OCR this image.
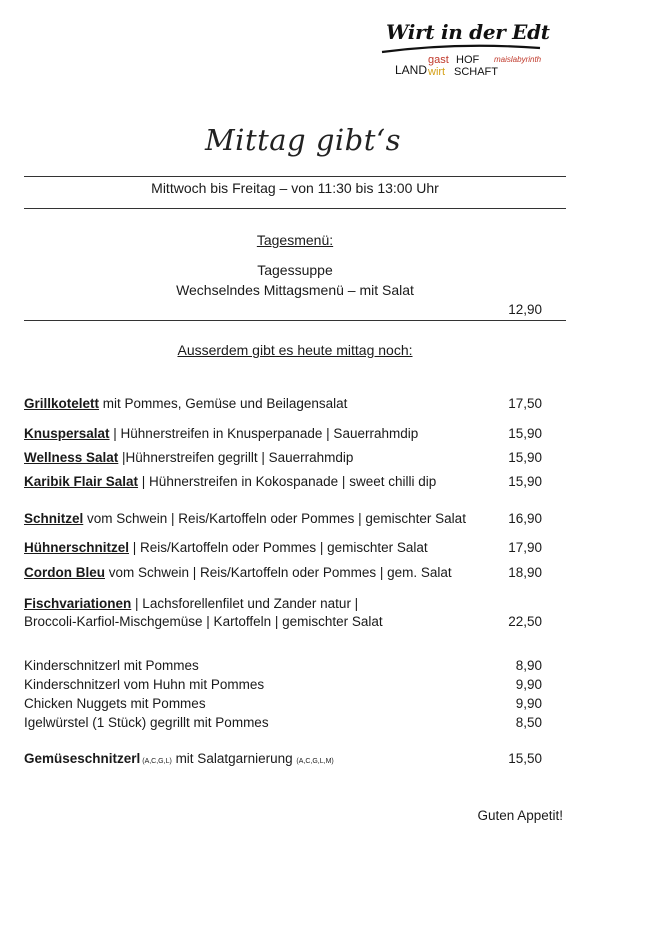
Wirt in der Edt
gast HOF maislabyrinth
LAND wirt SCHAFT
Mittag gibt‘s
Mittwoch bis Freitag – von 11:30 bis 13:00 Uhr
Tagesmenü:
Tagessuppe
Wechselndes Mittagsmenü – mit Salat
12,90
Ausserdem gibt es heute mittag noch:
Grillkotelett mit Pommes, Gemüse und Beilagensalat	17,50
Knuspersalat | Hühnerstreifen in Knusperpanade | Sauerrahmdip	15,90
Wellness Salat |Hühnerstreifen gegrillt | Sauerrahmdip	15,90
Karibik Flair Salat | Hühnerstreifen in Kokospanade | sweet chilli dip	15,90
Schnitzel vom Schwein | Reis/Kartoffeln oder Pommes | gemischter Salat	16,90
Hühnerschnitzel | Reis/Kartoffeln oder Pommes | gemischter Salat	17,90
Cordon Bleu vom Schwein | Reis/Kartoffeln oder Pommes | gem. Salat	18,90
Fischvariationen | Lachsforellenfilet und Zander natur |
Broccoli-Karfiol-Mischgemüse | Kartoffeln | gemischter Salat	22,50
Kinderschnitzerl mit Pommes	8,90
Kinderschnitzerl vom Huhn mit Pommes	9,90
Chicken Nuggets mit Pommes	9,90
Igelwürstel (1 Stück) gegrillt mit Pommes	8,50
Gemüseschnitzerl (A,C,G,L) mit Salatgarnierung (A,C,G,L,M)	15,50
Guten Appetit!
